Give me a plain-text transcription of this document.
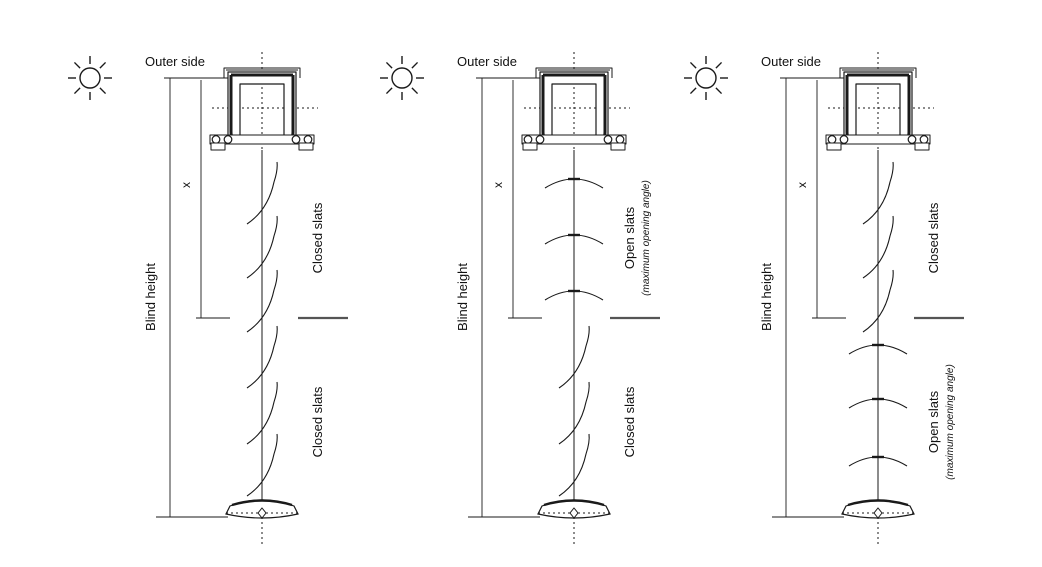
Outer side
Blind height
x
Closed slats
Closed slats
Outer side
Blind height
x
Open slats (maximum opening angle)
Closed slats
Outer side
Blind height
x
Closed slats
Open slats (maximum opening angle)
